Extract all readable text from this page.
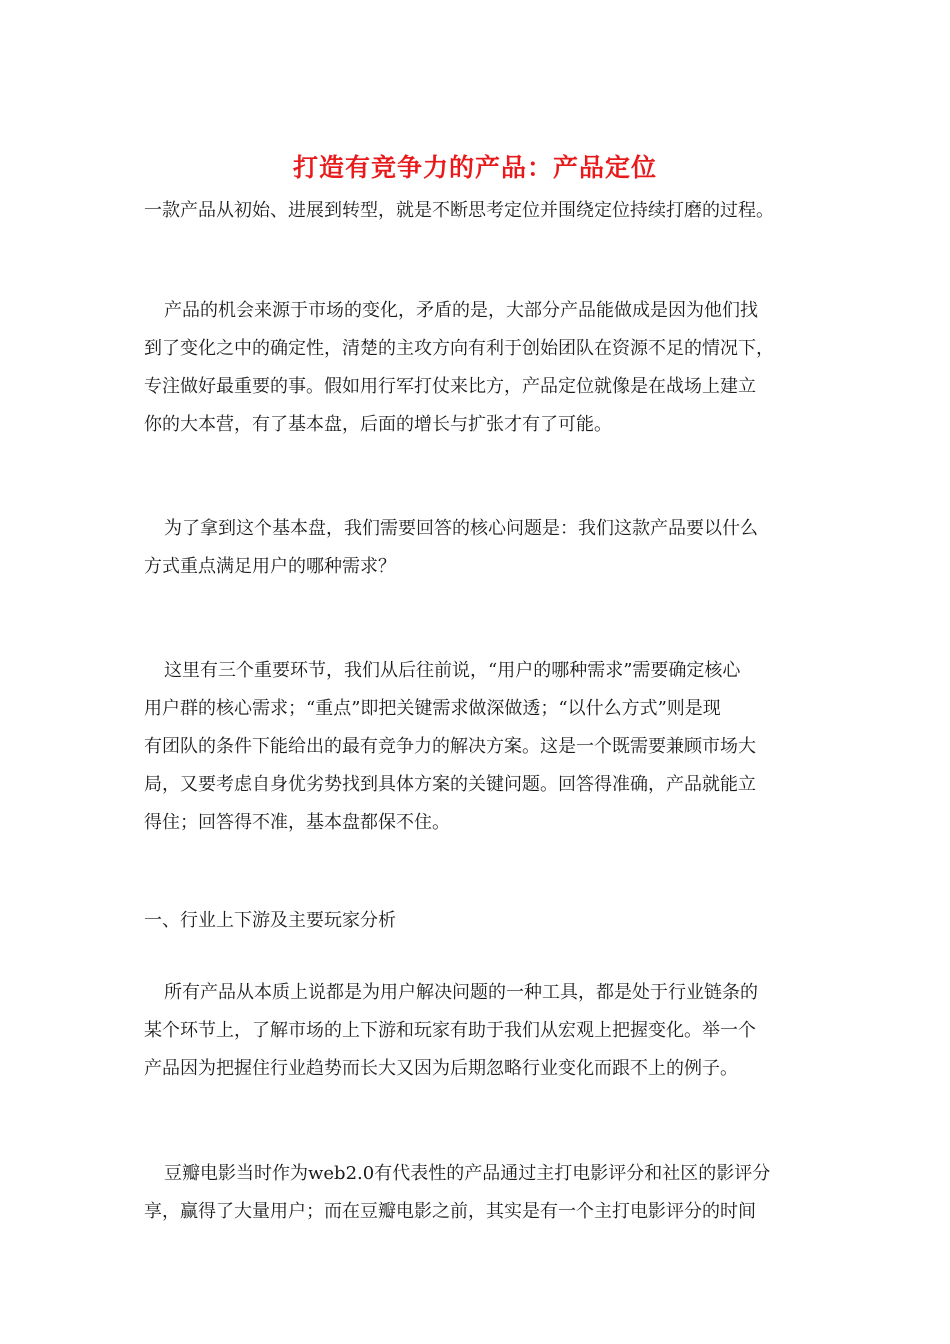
打造有竞争力的产品：产品定位
一款产品从初始、进展到转型，就是不断思考定位并围绕定位持续打磨的过程。
产品的机会来源于市场的变化，矛盾的是，大部分产品能做成是因为他们找
到了变化之中的确定性，清楚的主攻方向有利于创始团队在资源不足的情况下，
专注做好最重要的事。假如用行军打仗来比方，产品定位就像是在战场上建立
你的大本营，有了基本盘，后面的增长与扩张才有了可能。
为了拿到这个基本盘，我们需要回答的核心问题是：我们这款产品要以什么
方式重点满足用户的哪种需求？
这里有三个重要环节，我们从后往前说，“用户的哪种需求”需要确定核心
用户群的核心需求；“重点”即把关键需求做深做透；“以什么方式”则是现
有团队的条件下能给出的最有竞争力的解决方案。这是一个既需要兼顾市场大
局，又要考虑自身优劣势找到具体方案的关键问题。回答得准确，产品就能立
得住；回答得不准，基本盘都保不住。
一、行业上下游及主要玩家分析
所有产品从本质上说都是为用户解决问题的一种工具，都是处于行业链条的
某个环节上，了解市场的上下游和玩家有助于我们从宏观上把握变化。举一个
产品因为把握住行业趋势而长大又因为后期忽略行业变化而跟不上的例子。
豆瓣电影当时作为web2.0有代表性的产品通过主打电影评分和社区的影评分
享，赢得了大量用户；而在豆瓣电影之前，其实是有一个主打电影评分的时间
